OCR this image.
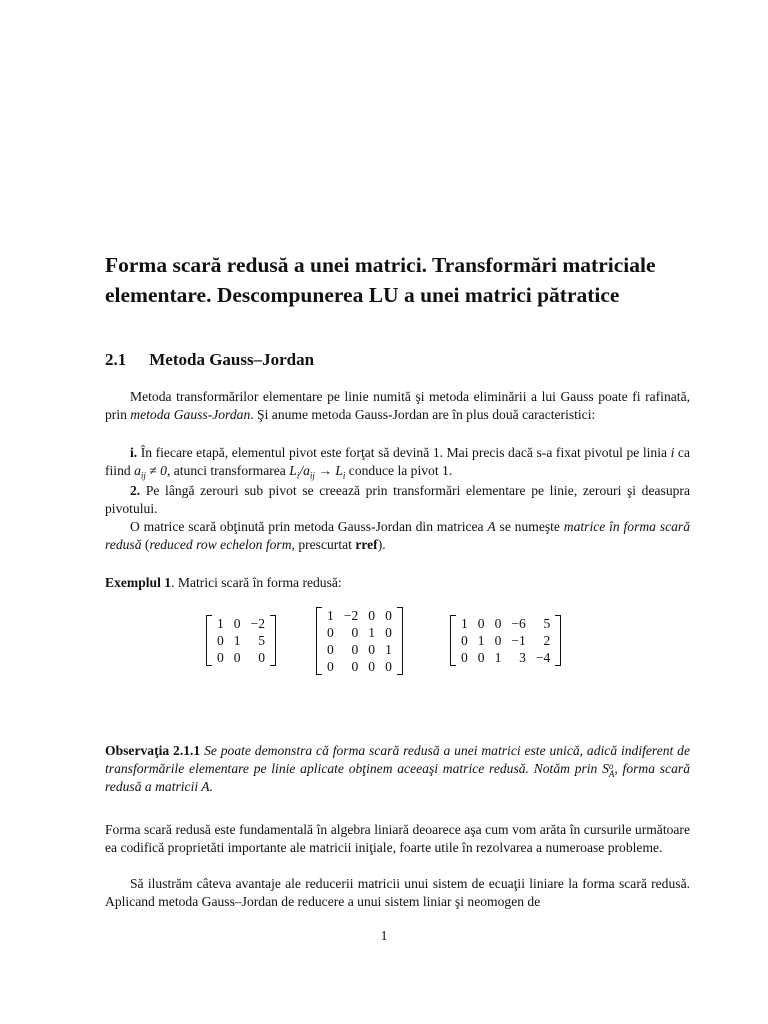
Forma scară redusă a unei matrici. Transformări matriciale elementare. Descompunerea LU a unei matrici pătratice
2.1 Metoda Gauss–Jordan

Metoda transformărilor elementare pe linie numită şi metoda eliminării a lui Gauss poate fi rafinată, prin metoda Gauss-Jordan. Şi anume metoda Gauss-Jordan are în plus două caracteristici:

i. În fiecare etapă, elementul pivot este forţat să devină 1. Mai precis dacă s-a fixat pivotul pe linia i ca fiind $a_{ij} \ne 0$, atunci transformarea $L_i/a_{ij} \to L_i$ conduce la pivot 1.

2. Pe lângă zerouri sub pivot se creează prin transformări elementare pe linie, zerouri şi deasupra pivotului.

O matrice scară obţinută prin metoda Gauss-Jordan din matricea A se numeşte matrice în forma scară redusă (reduced row echelon form, prescurtat rref).

Exemplul 1. Matrici scară în forma redusă:

1	0	−2
0	1	5
0	0	0
1	−2	0	0
0	0	1	0
0	0	0	1
0	0	0	0
1	0	0	−6	5
0	1	0	−1	2
0	0	1	3	−4

Observaţia 2.1.1 Se poate demonstra că forma scară redusă a unei matrici este unică, adică indiferent de transformările elementare pe linie aplicate obţinem aceeaşi matrice redusă. Notăm prin So
A, forma scară redusă a matricii A.

Forma scară redusă este fundamentală în algebra liniară deoarece aşa cum vom arăta în cursurile următoare ea codifică proprietăti importante ale matricii iniţiale, foarte utile în rezolvarea a numeroase probleme.

Să ilustrăm câteva avantaje ale reducerii matricii unui sistem de ecuaţii liniare la forma scară redusă. Aplicand metoda Gauss–Jordan de reducere a unui sistem liniar şi neomogen de

1
